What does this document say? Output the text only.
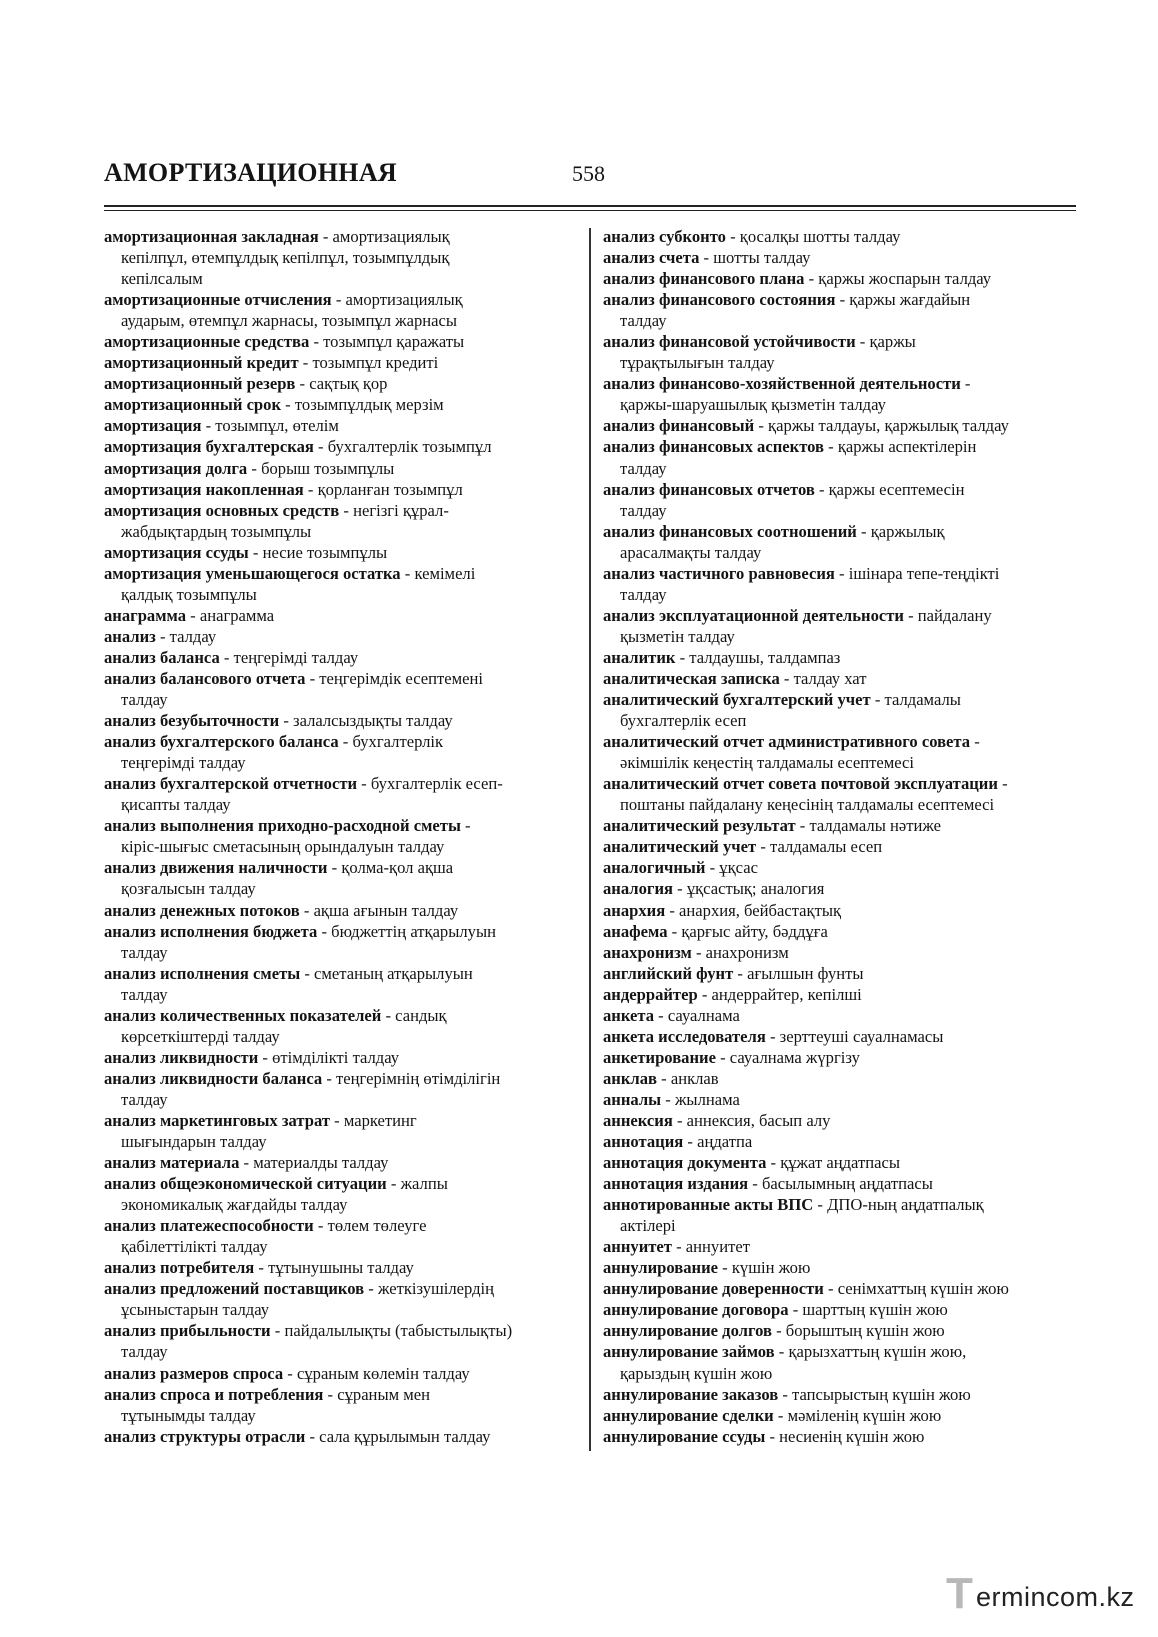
АМОРТИЗАЦИОННАЯ	558
амортизационная закладная - амортизациялық
кепілпұл, өтемпұлдық кепілпұл, тозымпұлдық
кепілсалым
амортизационные отчисления - амортизациялық
аударым, өтемпұл жарнасы, тозымпұл жарнасы
амортизационные средства - тозымпұл қаражаты
амортизационный кредит - тозымпұл кредиті
амортизационный резерв - сақтық қор
амортизационный срок - тозымпұлдық мерзім
амортизация - тозымпұл, өтелім
амортизация бухгалтерская - бухгалтерлік тозымпұл
амортизация долга - борыш тозымпұлы
амортизация накопленная - қорланған тозымпұл
амортизация основных средств - негізгі құрал-
жабдықтардың тозымпұлы
амортизация ссуды - несие тозымпұлы
амортизация уменьшающегося остатка - кемімелі
қалдық тозымпұлы
анаграмма - анаграмма
анализ - талдау
анализ баланса - теңгерімді талдау
анализ балансового отчета - теңгерімдік есептемені
талдау
анализ безубыточности - залалсыздықты талдау
анализ бухгалтерского баланса - бухгалтерлік
теңгерімді талдау
анализ бухгалтерской отчетности - бухгалтерлік есеп-
қисапты талдау
анализ выполнения приходно-расходной сметы -
кіріс-шығыс сметасының орындалуын талдау
анализ движения наличности - қолма-қол ақша
қозғалысын талдау
анализ денежных потоков - ақша ағынын талдау
анализ исполнения бюджета - бюджеттің атқарылуын
талдау
анализ исполнения сметы - сметаның атқарылуын
талдау
анализ количественных показателей - сандық
көрсеткіштерді талдау
анализ ликвидности - өтімділікті талдау
анализ ликвидности баланса - теңгерімнің өтімділігін
талдау
анализ маркетинговых затрат - маркетинг
шығындарын талдау
анализ материала - материалды талдау
анализ общеэкономической ситуации - жалпы
экономикалық жағдайды талдау
анализ платежеспособности - төлем төлеуге
қабілеттілікті талдау
анализ потребителя - тұтынушыны талдау
анализ предложений поставщиков - жеткізушілердің
ұсыныстарын талдау
анализ прибыльности - пайдалылықты (табыстылықты)
талдау
анализ размеров спроса - сұраным көлемін талдау
анализ спроса и потребления - сұраным мен
тұтынымды талдау
анализ структуры отрасли - сала құрылымын талдау
анализ субконто - қосалқы шотты талдау
анализ счета - шотты талдау
анализ финансового плана - қаржы жоспарын талдау
анализ финансового состояния - қаржы жағдайын
талдау
анализ финансовой устойчивости - қаржы
тұрақтылығын талдау
анализ финансово-хозяйственной деятельности -
қаржы-шаруашылық қызметін талдау
анализ финансовый - қаржы талдауы, қаржылық талдау
анализ финансовых аспектов - қаржы аспектілерін
талдау
анализ финансовых отчетов - қаржы есептемесін
талдау
анализ финансовых соотношений - қаржылық
арасалмақты талдау
анализ частичного равновесия - ішінара тепе-теңдікті
талдау
анализ эксплуатационной деятельности - пайдалану
қызметін талдау
аналитик - талдаушы, талдампаз
аналитическая записка - талдау хат
аналитический бухгалтерский учет - талдамалы
бухгалтерлік есеп
аналитический отчет административного совета -
әкімшілік кеңестің талдамалы есептемесі
аналитический отчет совета почтовой эксплуатации -
поштаны пайдалану кеңесінің талдамалы есептемесі
аналитический результат - талдамалы нәтиже
аналитический учет - талдамалы есеп
аналогичный - ұқсас
аналогия - ұқсастық; аналогия
анархия - анархия, бейбастақтық
анафема - қарғыс айту, бәддұға
анахронизм - анахронизм
английский фунт - ағылшын фунты
андеррайтер - андеррайтер, кепілші
анкета - сауалнама
анкета исследователя - зерттеуші сауалнамасы
анкетирование - сауалнама жүргізу
анклав - анклав
анналы - жылнама
аннексия - аннексия, басып алу
аннотация - аңдатпа
аннотация документа - құжат аңдатпасы
аннотация издания - басылымның аңдатпасы
аннотированные акты ВПС - ДПО-ның аңдатпалық
актілері
аннуитет - аннуитет
аннулирование - күшін жою
аннулирование доверенности - сенімхаттың күшін жою
аннулирование договора - шарттың күшін жою
аннулирование долгов - борыштың күшін жою
аннулирование займов - қарызхаттың күшін жою,
қарыздың күшін жою
аннулирование заказов - тапсырыстың күшін жою
аннулирование сделки - мәміленің күшін жою
аннулирование ссуды - несиенің күшін жою
T ermincom.kz
